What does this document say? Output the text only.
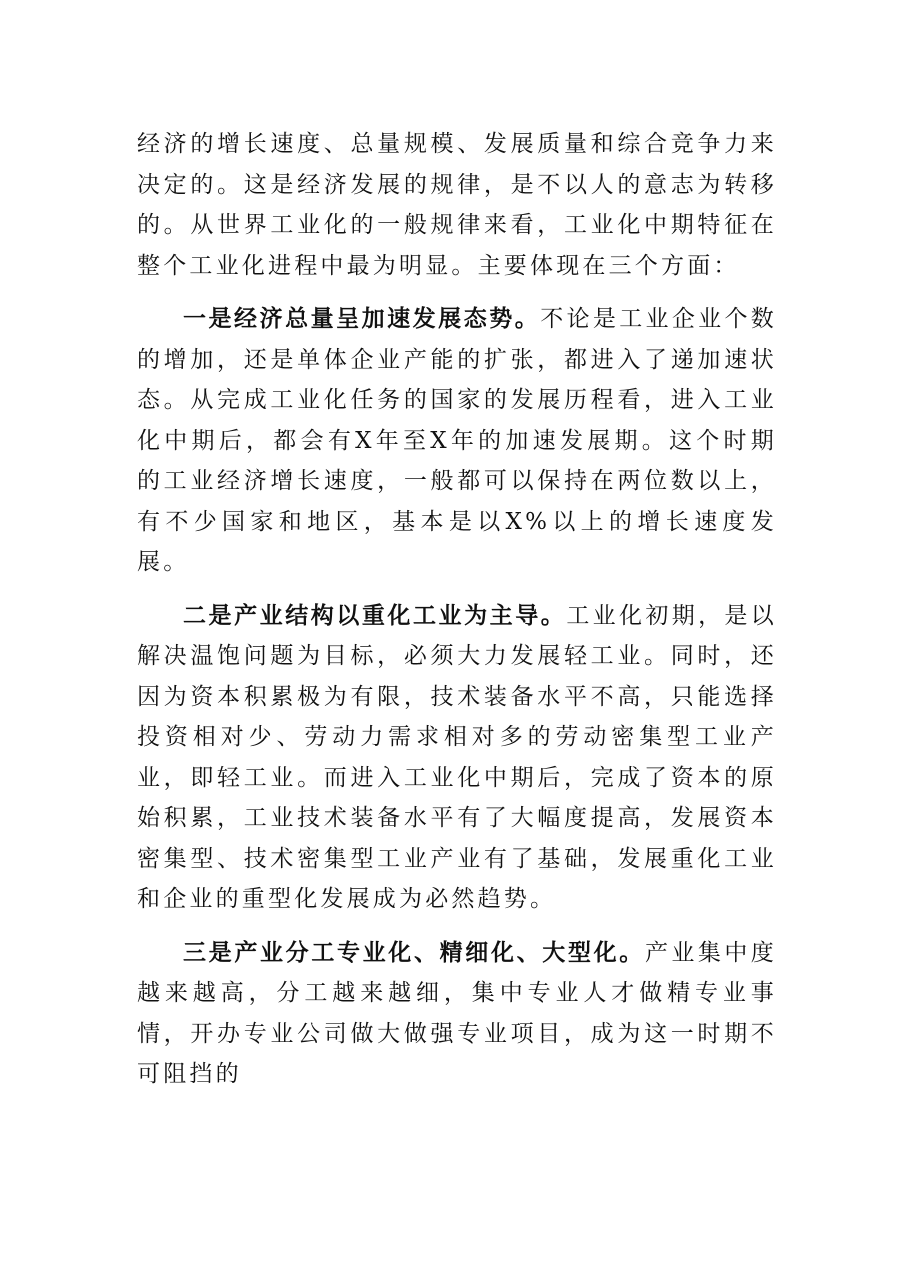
经济的增长速度、总量规模、发展质量和综合竞争力来决定的。这是经济发展的规律，是不以人的意志为转移的。从世界工业化的一般规律来看，工业化中期特征在整个工业化进程中最为明显。主要体现在三个方面：

一是经济总量呈加速发展态势。不论是工业企业个数的增加，还是单体企业产能的扩张，都进入了递加速状态。从完成工业化任务的国家的发展历程看，进入工业化中期后，都会有X年至X年的加速发展期。这个时期的工业经济增长速度，一般都可以保持在两位数以上，有不少国家和地区，基本是以X%以上的增长速度发展。

二是产业结构以重化工业为主导。工业化初期，是以解决温饱问题为目标，必须大力发展轻工业。同时，还因为资本积累极为有限，技术装备水平不高，只能选择投资相对少、劳动力需求相对多的劳动密集型工业产业，即轻工业。而进入工业化中期后，完成了资本的原始积累，工业技术装备水平有了大幅度提高，发展资本密集型、技术密集型工业产业有了基础，发展重化工业和企业的重型化发展成为必然趋势。

三是产业分工专业化、精细化、大型化。产业集中度越来越高，分工越来越细，集中专业人才做精专业事情，开办专业公司做大做强专业项目，成为这一时期不可阻挡的
